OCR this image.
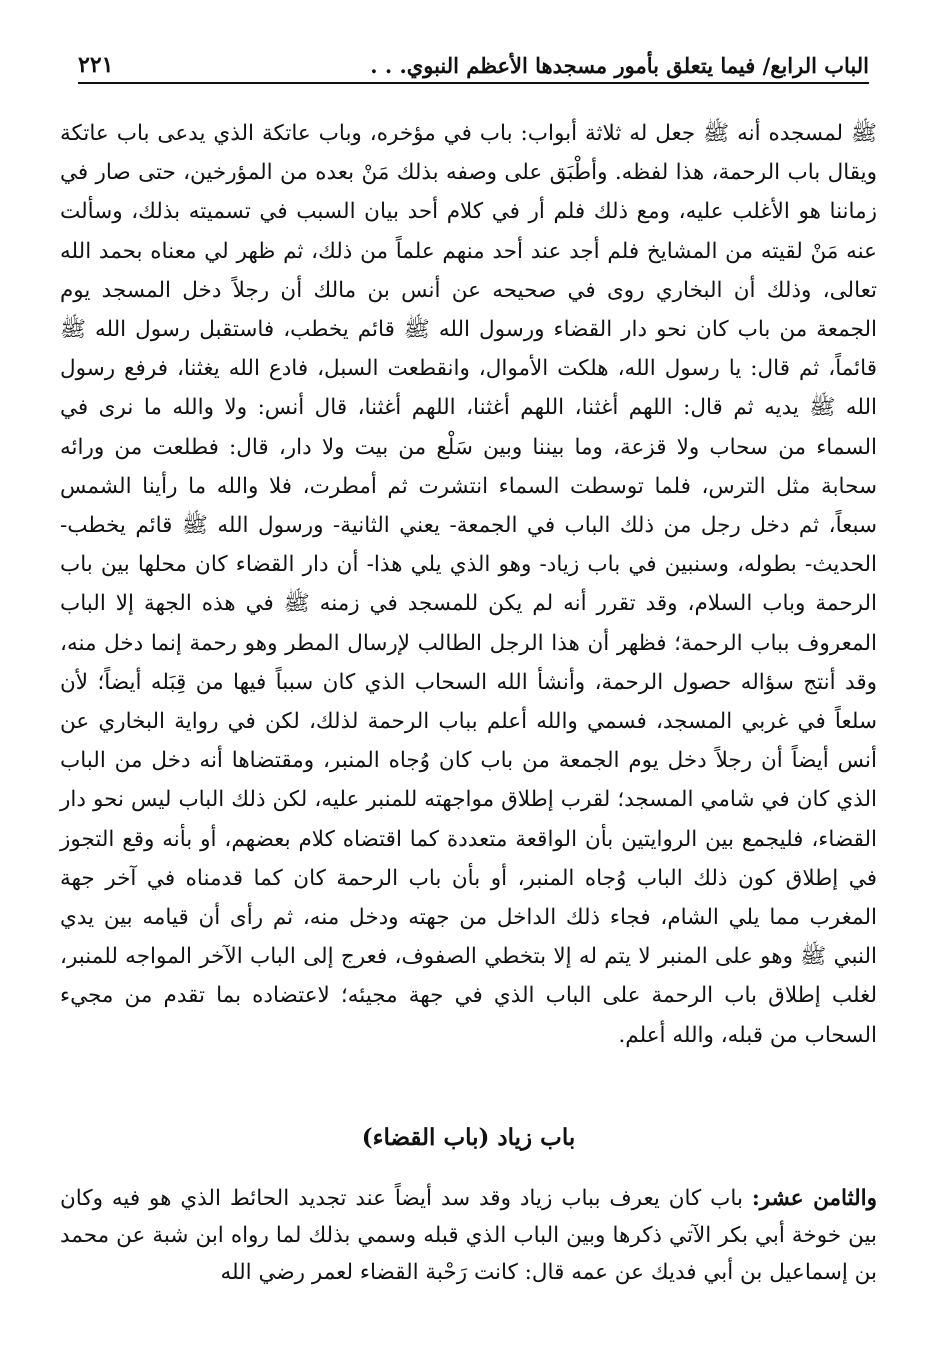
الباب الرابع/ فيما يتعلق بأمور مسجدها الأعظم النبوي. . .
٢٢١

ﷺ لمسجده أنه ﷺ جعل له ثلاثة أبواب: باب في مؤخره، وباب عاتكة الذي يدعى باب عاتكة ويقال باب الرحمة، هذا لفظه. وأطْبَق على وصفه بذلك مَنْ بعده من المؤرخين، حتى صار في زماننا هو الأغلب عليه، ومع ذلك فلم أر في كلام أحد بيان السبب في تسميته بذلك، وسألت عنه مَنْ لقيته من المشايخ فلم أجد عند أحد منهم علماً من ذلك، ثم ظهر لي معناه بحمد الله تعالى، وذلك أن البخاري روى في صحيحه عن أنس بن مالك أن رجلاً دخل المسجد يوم الجمعة من باب كان نحو دار القضاء ورسول الله ﷺ قائم يخطب، فاستقبل رسول الله ﷺ قائماً، ثم قال: يا رسول الله، هلكت الأموال، وانقطعت السبل، فادع الله يغثنا، فرفع رسول الله ﷺ يديه ثم قال: اللهم أغثنا، اللهم أغثنا، اللهم أغثنا، قال أنس: ولا والله ما نرى في السماء من سحاب ولا قزعة، وما بيننا وبين سَلْع من بيت ولا دار، قال: فطلعت من ورائه سحابة مثل الترس، فلما توسطت السماء انتشرت ثم أمطرت، فلا والله ما رأينا الشمس سبعاً، ثم دخل رجل من ذلك الباب في الجمعة- يعني الثانية- ورسول الله ﷺ قائم يخطب- الحديث- بطوله، وسنبين في باب زياد- وهو الذي يلي هذا- أن دار القضاء كان محلها بين باب الرحمة وباب السلام، وقد تقرر أنه لم يكن للمسجد في زمنه ﷺ في هذه الجهة إلا الباب المعروف بباب الرحمة؛ فظهر أن هذا الرجل الطالب لإرسال المطر وهو رحمة إنما دخل منه، وقد أنتج سؤاله حصول الرحمة، وأنشأ الله السحاب الذي كان سبباً فيها من قِبَله أيضاً؛ لأن سلعاً في غربي المسجد، فسمي والله أعلم بباب الرحمة لذلك، لكن في رواية البخاري عن أنس أيضاً أن رجلاً دخل يوم الجمعة من باب كان وُجاه المنبر، ومقتضاها أنه دخل من الباب الذي كان في شامي المسجد؛ لقرب إطلاق مواجهته للمنبر عليه، لكن ذلك الباب ليس نحو دار القضاء، فليجمع بين الروايتين بأن الواقعة متعددة كما اقتضاه كلام بعضهم، أو بأنه وقع التجوز في إطلاق كون ذلك الباب وُجاه المنبر، أو بأن باب الرحمة كان كما قدمناه في آخر جهة المغرب مما يلي الشام، فجاء ذلك الداخل من جهته ودخل منه، ثم رأى أن قيامه بين يدي النبي ﷺ وهو على المنبر لا يتم له إلا بتخطي الصفوف، فعرج إلى الباب الآخر المواجه للمنبر، لغلب إطلاق باب الرحمة على الباب الذي في جهة مجيئه؛ لاعتضاده بما تقدم من مجيء السحاب من قبله، والله أعلم.

باب زياد (باب القضاء)

والثامن عشر: باب كان يعرف بباب زياد وقد سد أيضاً عند تجديد الحائط الذي هو فيه وكان بين خوخة أبي بكر الآتي ذكرها وبين الباب الذي قبله وسمي بذلك لما رواه ابن شبة عن محمد بن إسماعيل بن أبي فديك عن عمه قال: كانت رَحْبة القضاء لعمر رضي الله
